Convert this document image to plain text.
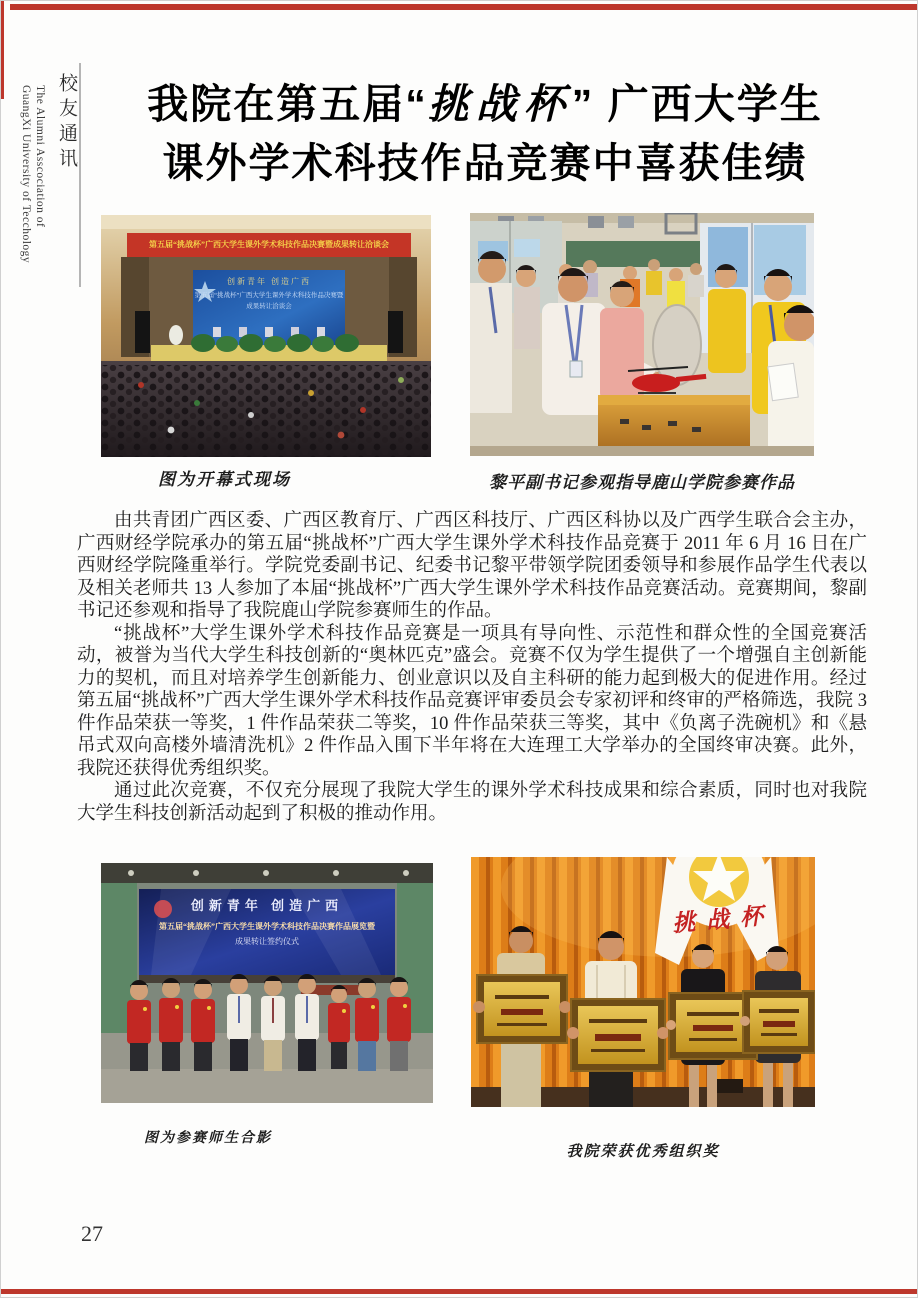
校友通讯
The Alumni Asscociation of
GuangXi University of Tecchology	我院在第五届“挑战杯” 广西大学生
课外学术科技作品竞赛中喜获佳绩
第五届“挑战杯”广西大学生课外学术科技作品决赛暨成果转让洽谈会
创新青年 创造广西
第五届“挑战杯”广西大学生课外学术科技作品决赛暨
成果转让洽谈会
图为开幕式现场	黎平副书记参观指导鹿山学院参赛作品

由共青团广西区委、广西区教育厅、广西区科技厅、广西区科协以及广西学生联合会主办，广西财经学院承办的第五届“挑战杯”广西大学生课外学术科技作品竞赛于 2011 年 6 月 16 日在广西财经学院隆重举行。学院党委副书记、纪委书记黎平带领学院团委领导和参展作品学生代表以及相关老师共 13 人参加了本届“挑战杯”广西大学生课外学术科技作品竞赛活动。竞赛期间，黎副书记还参观和指导了我院鹿山学院参赛师生的作品。

“挑战杯”大学生课外学术科技作品竞赛是一项具有导向性、示范性和群众性的全国竞赛活动，被誉为当代大学生科技创新的“奥林匹克”盛会。竞赛不仅为学生提供了一个增强自主创新能力的契机，而且对培养学生创新能力、创业意识以及自主科研的能力起到极大的促进作用。经过第五届“挑战杯”广西大学生课外学术科技作品竞赛评审委员会专家初评和终审的严格筛选，我院 3 件作品荣获一等奖，1 件作品荣获二等奖，10 件作品荣获三等奖，其中《负离子洗碗机》和《悬吊式双向高楼外墙清洗机》2 件作品入围下半年将在大连理工大学举办的全国终审决赛。此外，我院还获得优秀组织奖。

通过此次竞赛，不仅充分展现了我院大学生的课外学术科技成果和综合素质，同时也对我院大学生科技创新活动起到了积极的推动作用。

创新青年 创造广西
第五届“挑战杯”广西大学生课外学术科技作品决赛作品展览暨
成果转让签约仪式
挑战杯
图为参赛师生合影
我院荣获优秀组织奖
27
